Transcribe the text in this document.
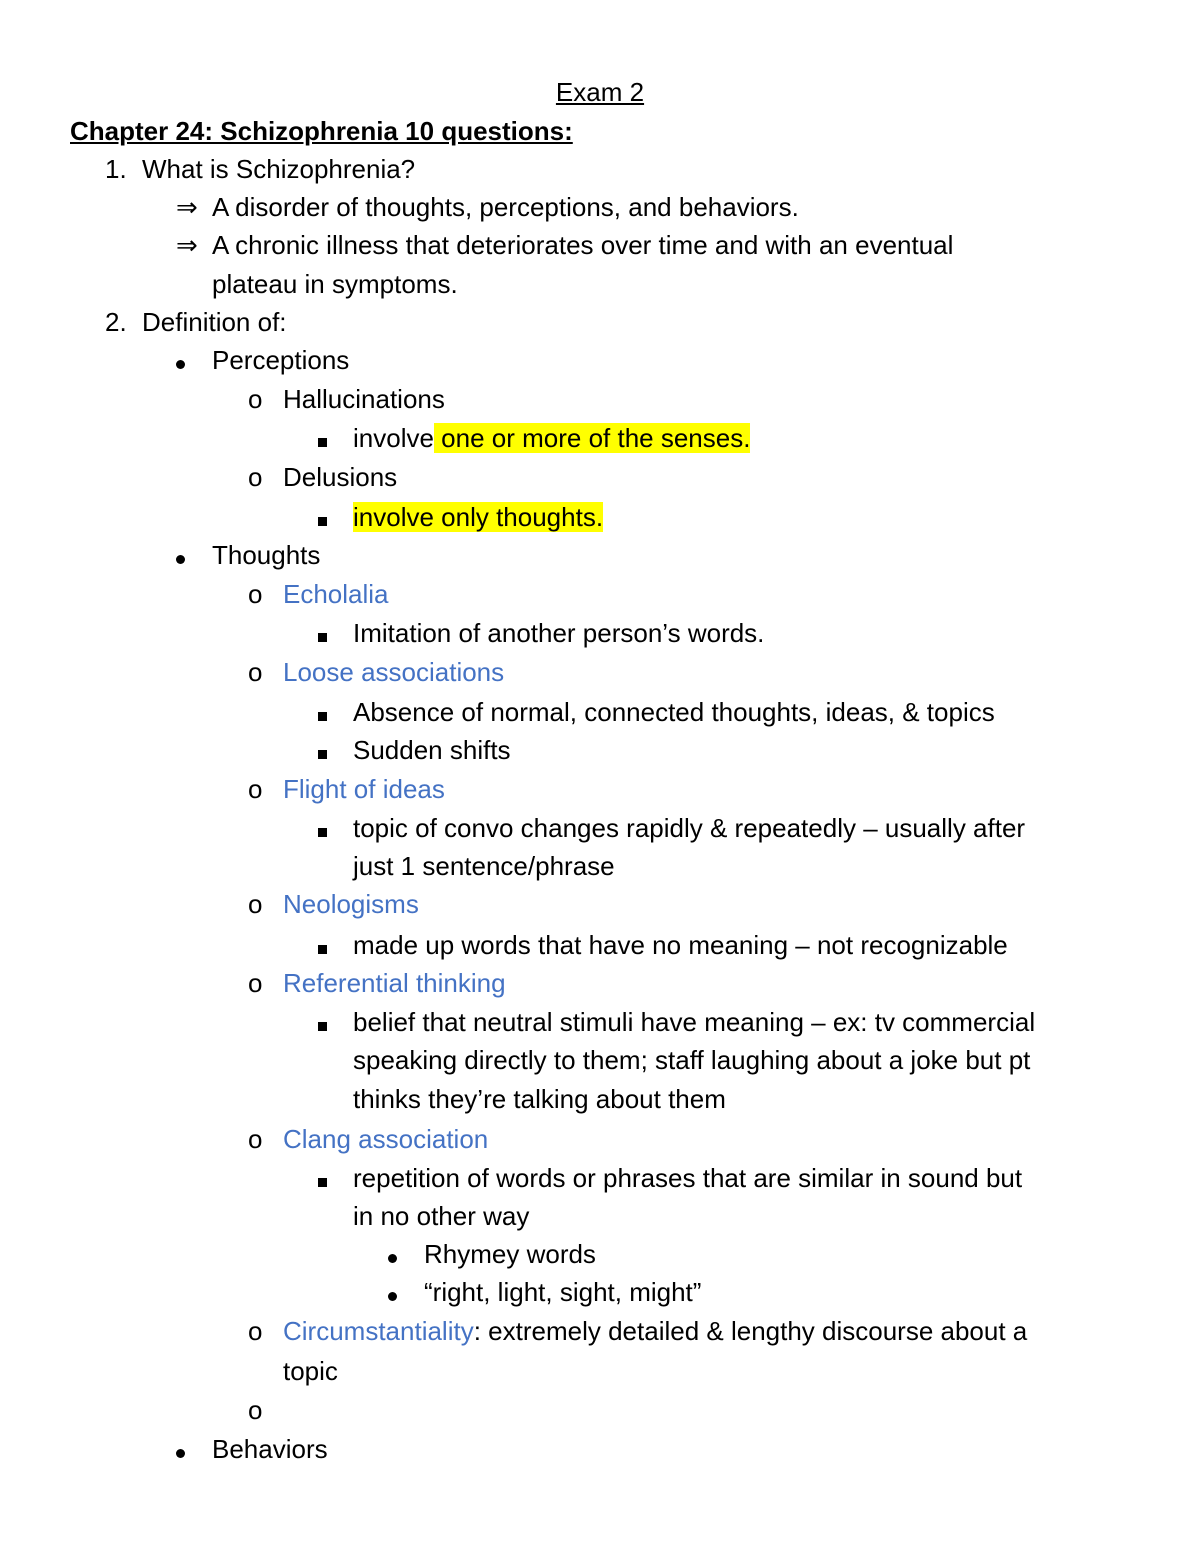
Exam 2
Chapter 24: Schizophrenia 10 questions:
1. What is Schizophrenia?
⇒ A disorder of thoughts, perceptions, and behaviors.
⇒ A chronic illness that deteriorates over time and with an eventual
plateau in symptoms.
2. Definition of:
Perceptions
o Hallucinations
involve one or more of the senses.
o Delusions
involve only thoughts.
Thoughts
o Echolalia
Imitation of another person’s words.
o Loose associations
Absence of normal, connected thoughts, ideas, & topics
Sudden shifts
o Flight of ideas
topic of convo changes rapidly & repeatedly – usually after
just 1 sentence/phrase
o Neologisms
made up words that have no meaning – not recognizable
o Referential thinking
belief that neutral stimuli have meaning – ex: tv commercial
speaking directly to them; staff laughing about a joke but pt
thinks they’re talking about them
o Clang association
repetition of words or phrases that are similar in sound but
in no other way
Rhymey words
“right, light, sight, might”
o Circumstantiality: extremely detailed & lengthy discourse about a
topic
o
Behaviors
